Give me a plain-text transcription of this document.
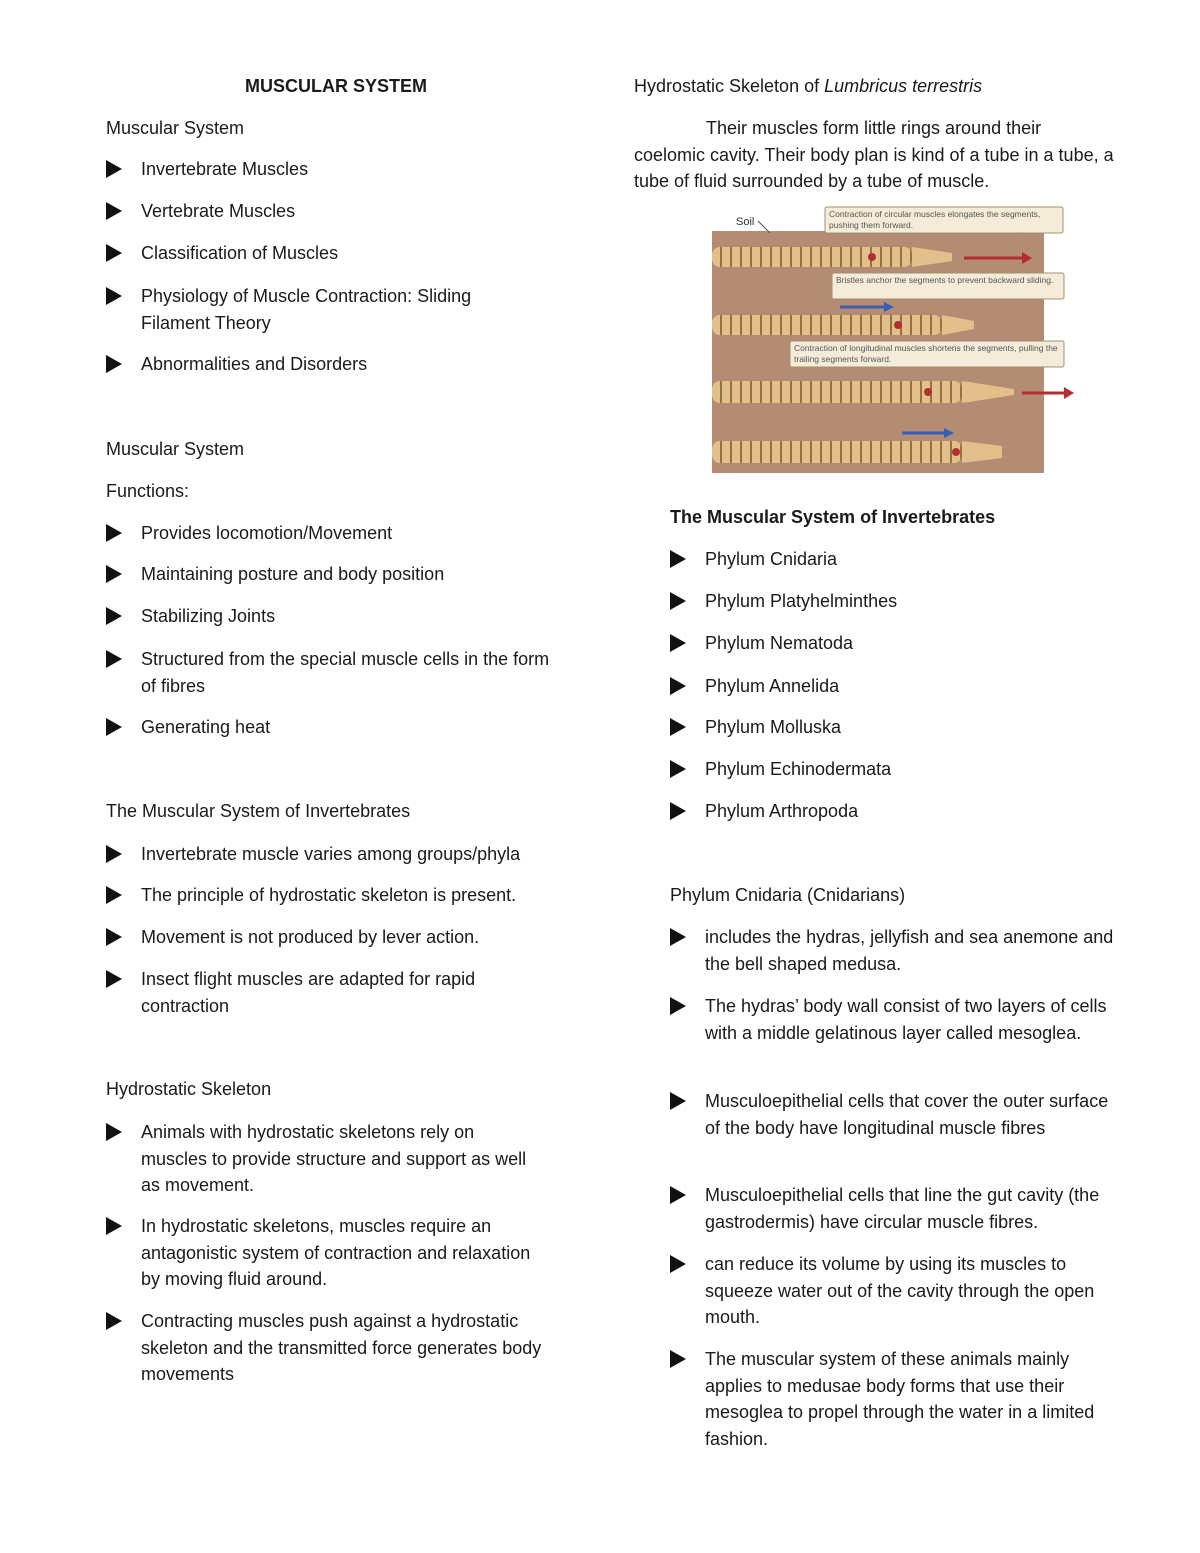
MUSCULAR SYSTEM
Muscular System
Invertebrate Muscles
Vertebrate Muscles
Classification of Muscles
Physiology of Muscle Contraction: Sliding Filament Theory
Abnormalities and Disorders
Muscular System
Functions:
Provides locomotion/Movement
Maintaining posture and body position
Stabilizing Joints
Structured from the special muscle cells in the form of fibres
Generating heat
The Muscular System of Invertebrates
Invertebrate muscle varies among groups/phyla
The principle of hydrostatic skeleton is present.
Movement is not produced by lever action.
Insect flight muscles are adapted for rapid contraction
Hydrostatic Skeleton
Animals with hydrostatic skeletons rely on muscles to provide structure and support as well as movement.
In hydrostatic skeletons, muscles require an antagonistic system of contraction and relaxation by moving fluid around.
Contracting muscles push against a hydrostatic skeleton and the transmitted force generates body movements
Hydrostatic Skeleton of Lumbricus terrestris
Their muscles form little rings around their coelomic cavity. Their body plan is kind of a tube in a tube, a tube of fluid surrounded by a tube of muscle.
Soil
Contraction of circular muscles elongates the segments, pushing them forward.
Bristles anchor the segments to prevent backward sliding.
Contraction of longitudinal muscles shortens the segments, pulling the trailing segments forward.
The Muscular System of Invertebrates
Phylum Cnidaria
Phylum Platyhelminthes
Phylum Nematoda
Phylum Annelida
Phylum Molluska
Phylum Echinodermata
Phylum Arthropoda
Phylum Cnidaria (Cnidarians)
includes the hydras, jellyfish and sea anemone and the bell shaped medusa.
The hydras’ body wall consist of two layers of cells with a middle gelatinous layer called mesoglea.
Musculoepithelial cells that cover the outer surface of the body have longitudinal muscle fibres
Musculoepithelial cells that line the gut cavity (the gastrodermis) have circular muscle fibres.
can reduce its volume by using its muscles to squeeze water out of the cavity through the open mouth.
The muscular system of these animals mainly applies to medusae body forms that use their mesoglea to propel through the water in a limited fashion.
